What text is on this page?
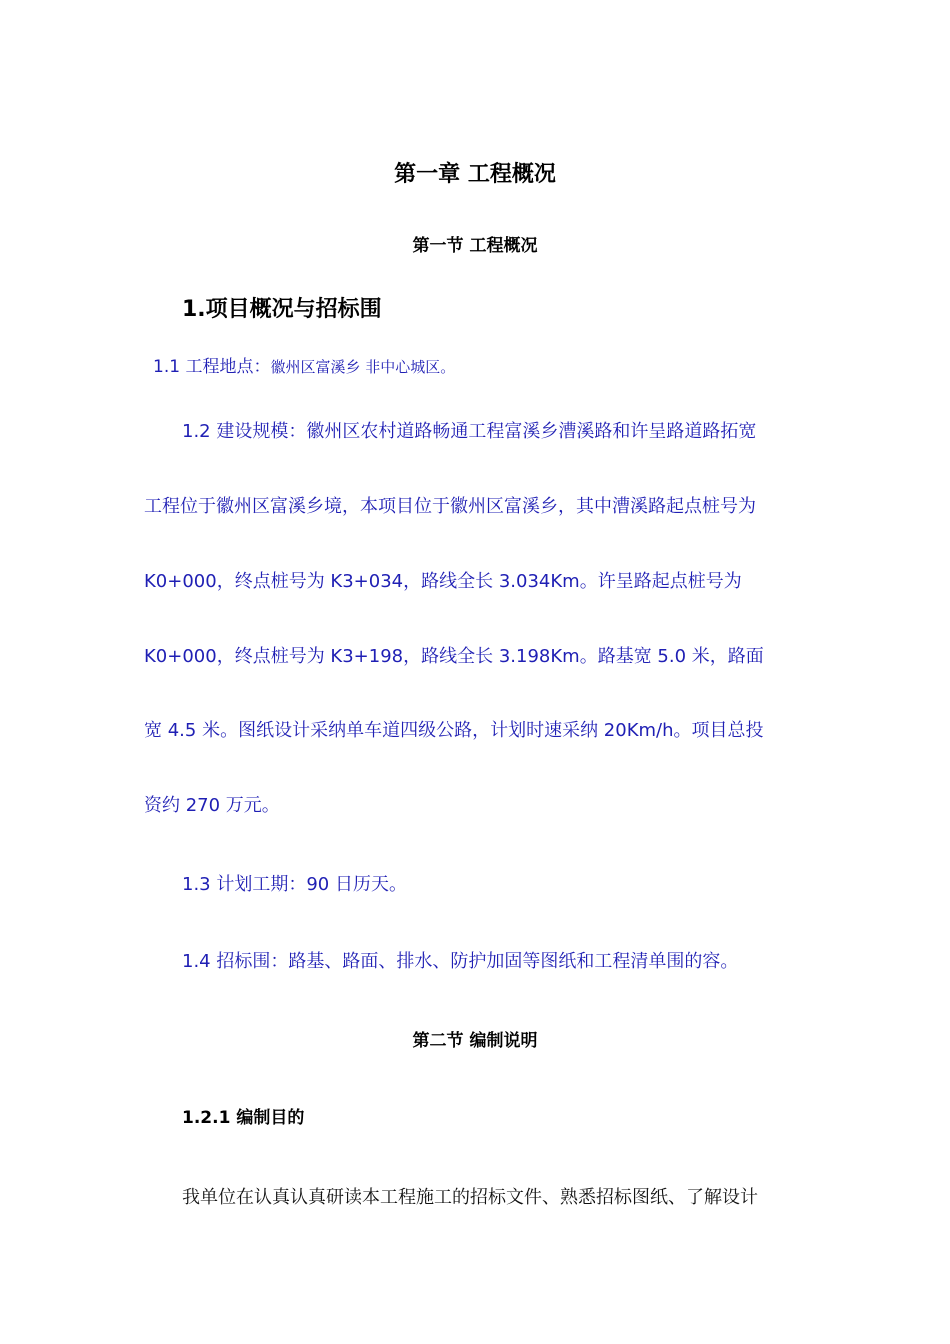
第一章 工程概况
第一节 工程概况
1.项目概况与招标围
1.1 工程地点：徽州区富溪乡 非中心城区。
1.2 建设规模：徽州区农村道路畅通工程富溪乡漕溪路和许呈路道路拓宽
工程位于徽州区富溪乡境，本项目位于徽州区富溪乡，其中漕溪路起点桩号为
K0+000，终点桩号为 K3+034，路线全长 3.034Km。许呈路起点桩号为
K0+000，终点桩号为 K3+198，路线全长 3.198Km。路基宽 5.0 米，路面
宽 4.5 米。图纸设计采纳单车道四级公路，计划时速采纳 20Km/h。项目总投
资约 270 万元。
1.3 计划工期：90 日历天。
1.4 招标围：路基、路面、排水、防护加固等图纸和工程清单围的容。
第二节 编制说明
1.2.1 编制目的
我单位在认真认真研读本工程施工的招标文件、熟悉招标图纸、了解设计
